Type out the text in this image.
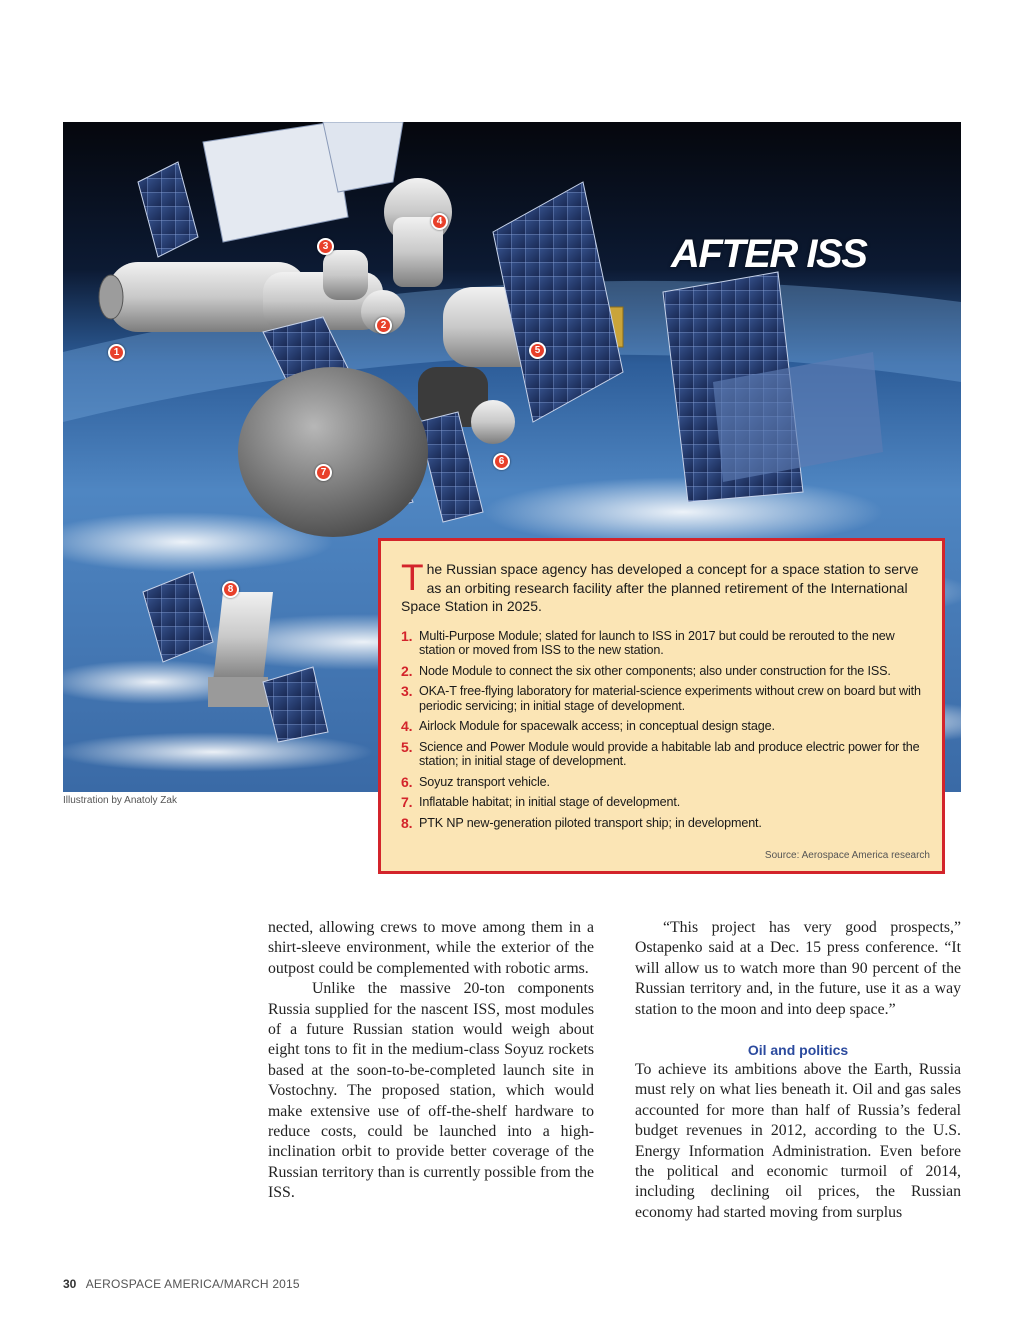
AFTER ISS
1
2
3
4
5
6
7
8
Illustration by Anatoly Zak
T he Russian space agency has developed a concept for a space station to serve as an orbiting research facility after the planned retirement of the International Space Station in 2025.
1. Multi-Purpose Module; slated for launch to ISS in 2017 but could be rerouted to the new station or moved from ISS to the new station.
2. Node Module to connect the six other components; also under construction for the ISS.
3. OKA-T free-flying laboratory for material-science experiments without crew on board but with periodic servicing; in initial stage of development.
4. Airlock Module for spacewalk access; in conceptual design stage.
5. Science and Power Module would provide a habitable lab and produce electric power for the station; in initial stage of development.
6. Soyuz transport vehicle.
7. Inflatable habitat; in initial stage of development.
8. PTK NP new-generation piloted transport ship; in development.
Source: Aerospace America research

nected, allowing crews to move among them in a shirt-sleeve environment, while the exterior of the outpost could be complemented with robotic arms.

Unlike the massive 20-ton components Russia supplied for the nascent ISS, most modules of a future Russian station would weigh about eight tons to fit in the medium-class Soyuz rockets based at the soon-to-be-completed launch site in Vostochny. The proposed station, which would make extensive use of off-the-shelf hardware to reduce costs, could be launched into a high-inclination orbit to provide better coverage of the Russian territory than is currently possible from the ISS.

“This project has very good prospects,” Ostapenko said at a Dec. 15 press conference. “It will allow us to watch more than 90 percent of the Russian territory and, in the future, use it as a way station to the moon and into deep space.”

Oil and politics

To achieve its ambitions above the Earth, Russia must rely on what lies beneath it. Oil and gas sales accounted for more than half of Russia’s federal budget revenues in 2012, according to the U.S. Energy Information Administration. Even before the political and economic turmoil of 2014, including declining oil prices, the Russian economy had started moving from surplus

30 AEROSPACE AMERICA/MARCH 2015
